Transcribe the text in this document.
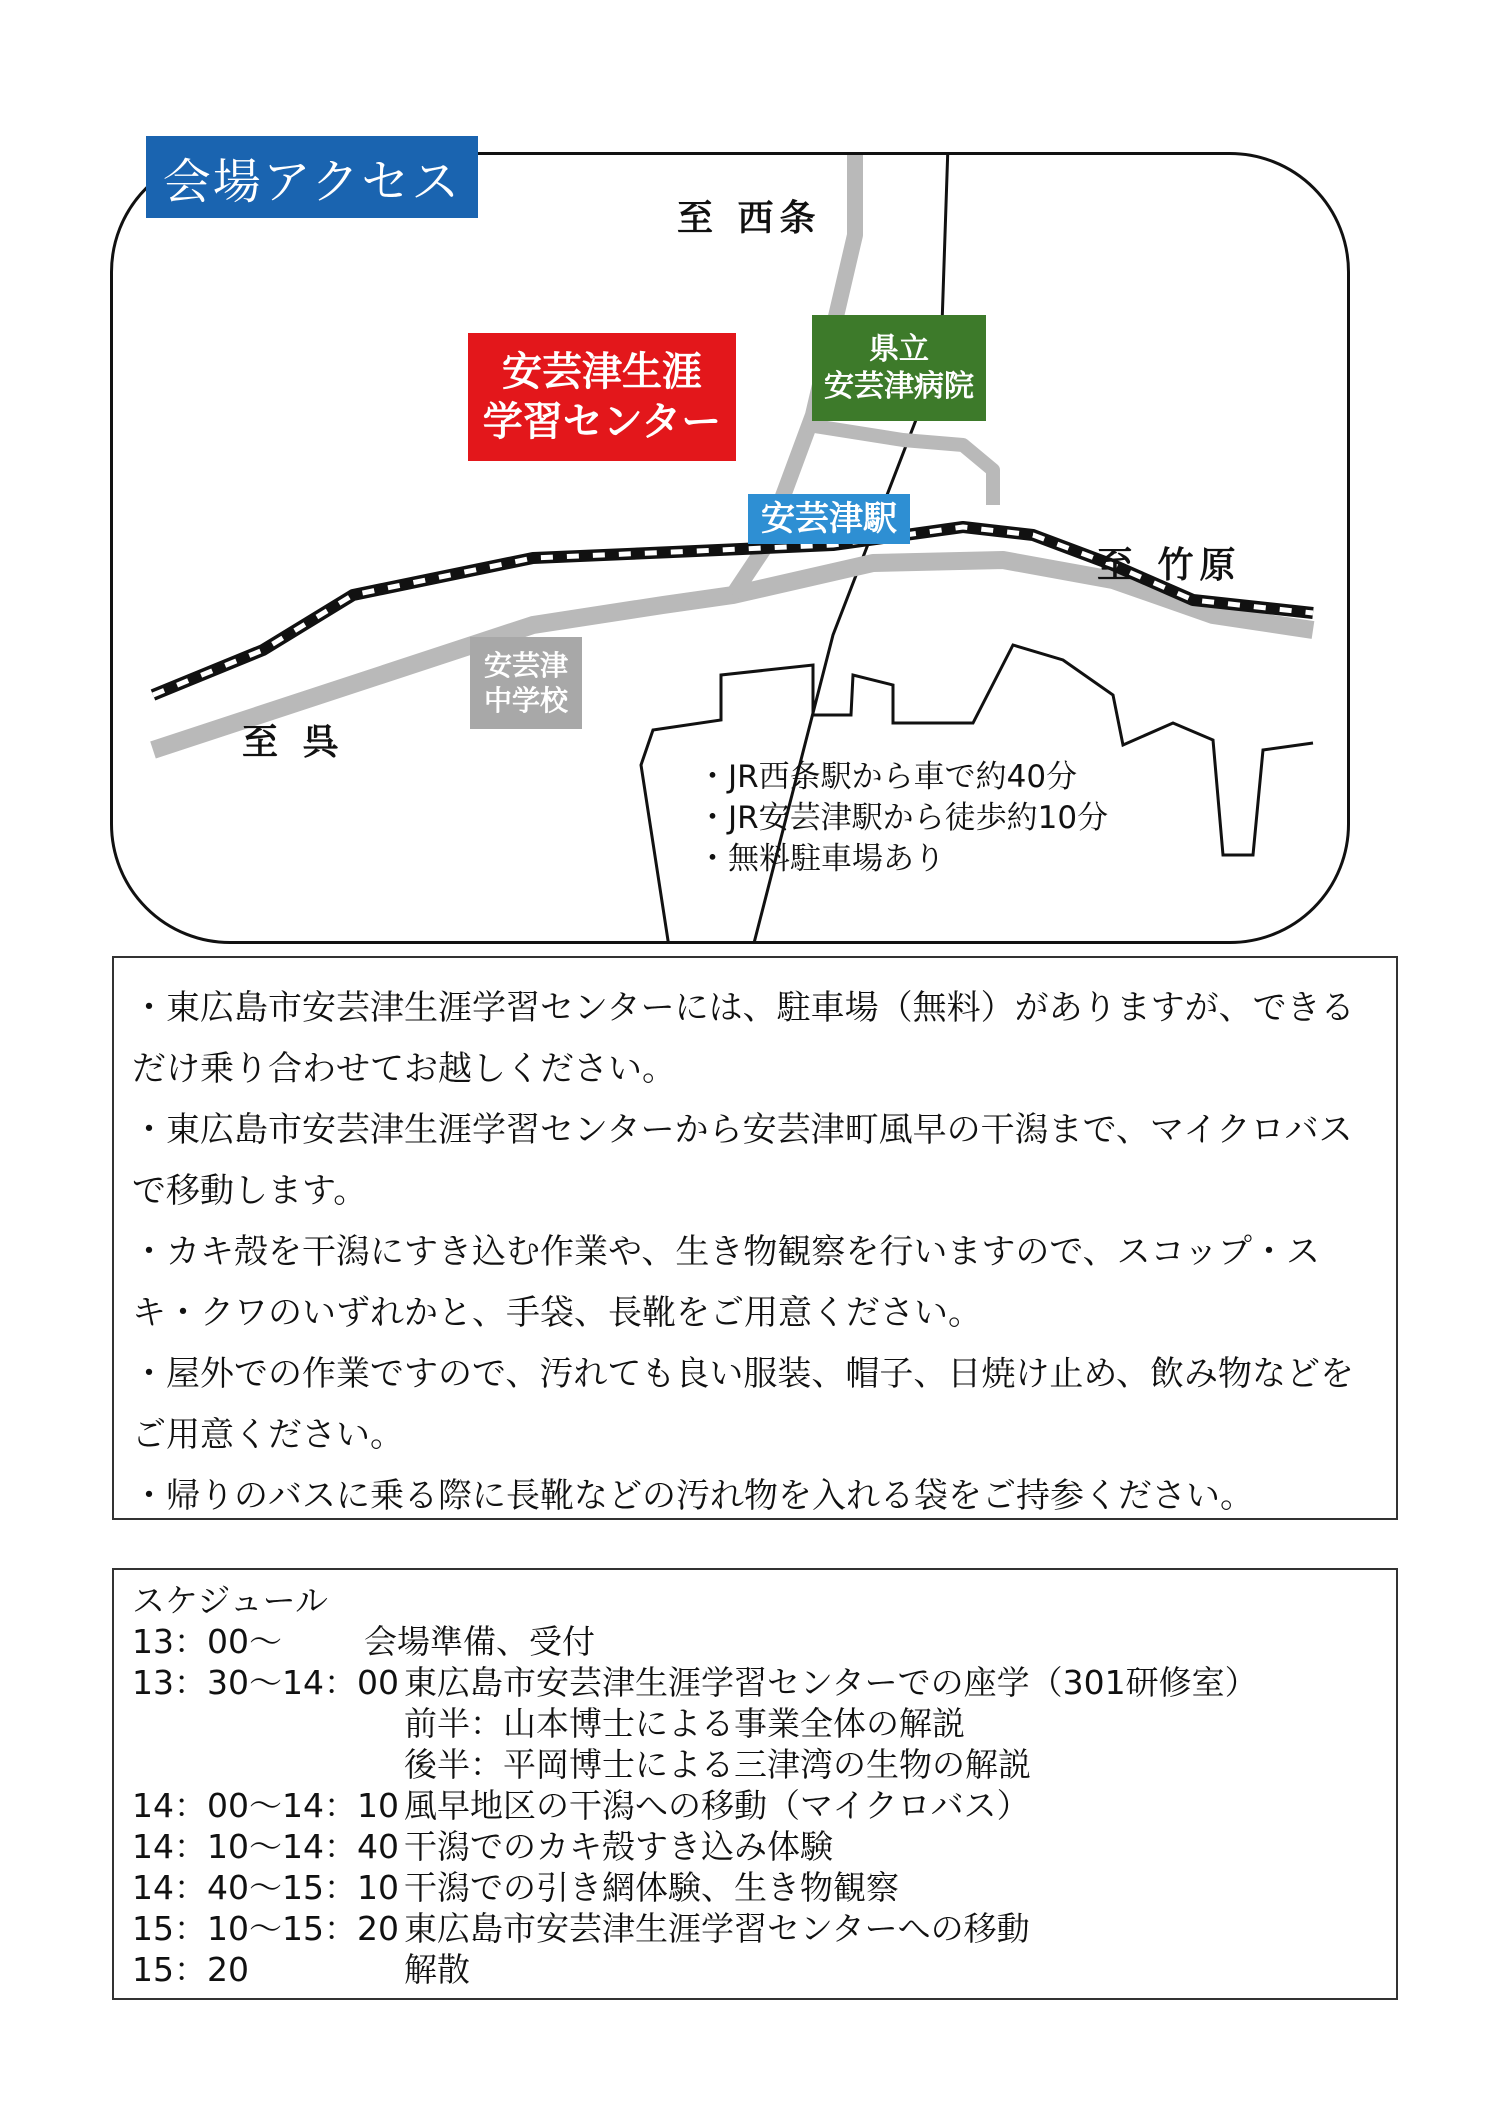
会場アクセス
至 西条
至 竹原
至 呉
安芸津生涯
学習センター
県立
安芸津病院
安芸津駅
安芸津
中学校
・JR西条駅から車で約40分
・JR安芸津駅から徒歩約10分
・無料駐車場あり

・東広島市安芸津生涯学習センターには、駐車場（無料）がありますが、できるだけ乗り合わせてお越しください。

・東広島市安芸津生涯学習センターから安芸津町風早の干潟まで、マイクロバスで移動します。

・カキ殻を干潟にすき込む作業や、生き物観察を行いますので、スコップ・スキ・クワのいずれかと、手袋、長靴をご用意ください。

・屋外での作業ですので、汚れても良い服装、帽子、日焼け止め、飲み物などをご用意ください。

・帰りのバスに乗る際に長靴などの汚れ物を入れる袋をご持参ください。

スケジュール

13：00～	会場準備、受付
13：30～14：00 東広島市安芸津生涯学習センターでの座学（301研修室）
前半：山本博士による事業全体の解説
後半：平岡博士による三津湾の生物の解説
14：00～14：10 風早地区の干潟への移動（マイクロバス）
14：10～14：40 干潟でのカキ殻すき込み体験
14：40～15：10 干潟での引き網体験、生き物観察
15：10～15：20 東広島市安芸津生涯学習センターへの移動
15：20	解散
